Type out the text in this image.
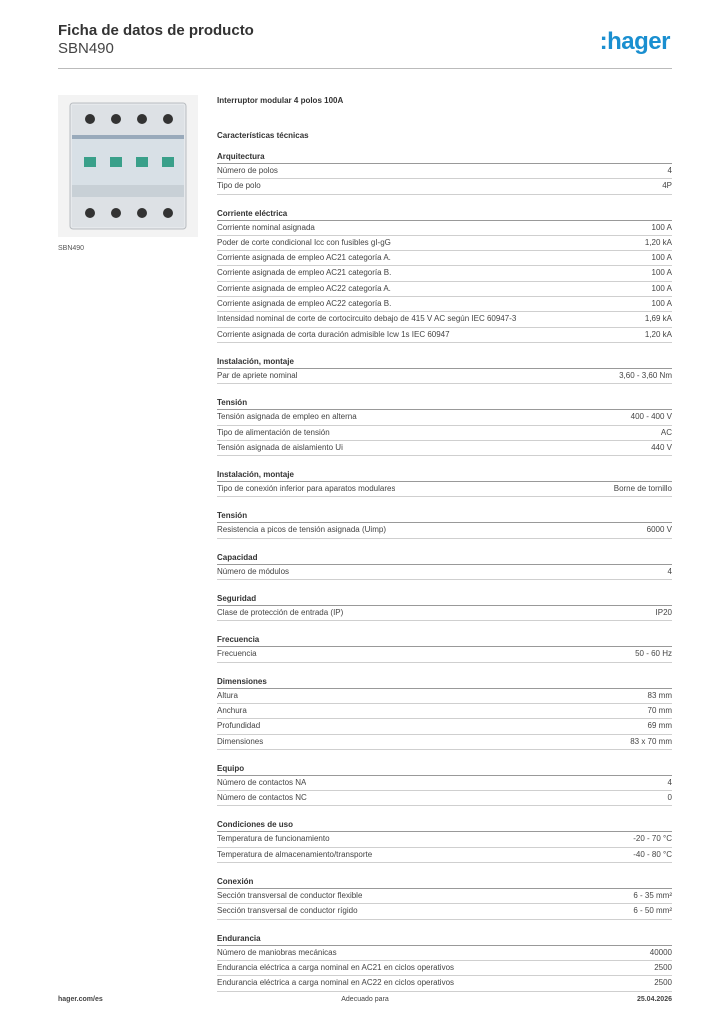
Ficha de datos de producto
SBN490	:hager
SBN490
Interruptor modular 4 polos 100A
Características técnicas
Arquitectura
Número de polos	4
Tipo de polo	4P
Corriente eléctrica
Corriente nominal asignada	100 A
Poder de corte condicional Icc con fusibles gI-gG	1,20 kA
Corriente asignada de empleo AC21 categoría A.	100 A
Corriente asignada de empleo AC21 categoría B.	100 A
Corriente asignada de empleo AC22 categoría A.	100 A
Corriente asignada de empleo AC22 categoría B.	100 A
Intensidad nominal de corte de cortocircuito debajo de 415 V AC según IEC 60947-3	1,69 kA
Corriente asignada de corta duración admisible Icw 1s IEC 60947	1,20 kA
Instalación, montaje
Par de apriete nominal	3,60 - 3,60 Nm
Tensión
Tensión asignada de empleo en alterna	400 - 400 V
Tipo de alimentación de tensión	AC
Tensión asignada de aislamiento Ui	440 V
Instalación, montaje
Tipo de conexión inferior para aparatos modulares	Borne de tornillo
Tensión
Resistencia a picos de tensión asignada (Uimp)	6000 V
Capacidad
Número de módulos	4
Seguridad
Clase de protección de entrada (IP)	IP20
Frecuencia
Frecuencia	50 - 60 Hz
Dimensiones
Altura	83 mm
Anchura	70 mm
Profundidad	69 mm
Dimensiones	83 x 70 mm
Equipo
Número de contactos NA	4
Número de contactos NC	0
Condiciones de uso
Temperatura de funcionamiento	-20 - 70 °C
Temperatura de almacenamiento/transporte	-40 - 80 °C
Conexión
Sección transversal de conductor flexible	6 - 35 mm²
Sección transversal de conductor rígido	6 - 50 mm²
Endurancia
Número de maniobras mecánicas	40000
Endurancia eléctrica a carga nominal en AC21 en ciclos operativos	2500
Endurancia eléctrica a carga nominal en AC22 en ciclos operativos	2500
hager.com/es	Adecuado para	25.04.2026
